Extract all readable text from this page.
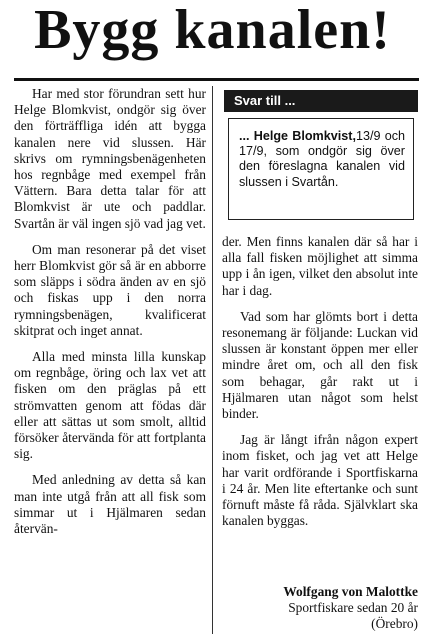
Bygg kanalen!

Har med stor förundran sett hur Helge Blomkvist, ondgör sig över den förträffliga idén att bygga kanalen nere vid slussen. Här skrivs om rymningsbenägenheten hos regnbåge med exempel från Vättern. Bara detta talar för att Blomkvist är ute och paddlar. Svartån är väl ingen sjö vad jag vet.

Om man resonerar på det viset herr Blomkvist gör så är en abborre som släpps i södra änden av en sjö och fiskas upp i den norra rymningsbenägen, kvalificerat skitprat och inget annat.

Alla med minsta lilla kunskap om regnbåge, öring och lax vet att fisken om den präglas på ett strömvatten genom att födas där eller att sättas ut som smolt, alltid försöker återvända för att fortplanta sig.

Med anledning av detta så kan man inte utgå från att all fisk som simmar ut i Hjälmaren sedan återvän-

Svar till ...
... Helge Blomkvist,13/9 och 17/9, som ondgör sig över den föreslagna kanalen vid slussen i Svartån.

der. Men finns kanalen där så har i alla fall fisken möjlighet att simma upp i ån igen, vilket den absolut inte har i dag.

Vad som har glömts bort i detta resonemang är följande: Luckan vid slussen är konstant öppen mer eller mindre året om, och all den fisk som behagar, går rakt ut i Hjälmaren utan något som helst binder.

Jag är långt ifrån någon expert inom fisket, och jag vet att Helge har varit ordförande i Sportfiskarna i 24 år. Men lite eftertanke och sunt förnuft måste få råda. Självklart ska kanalen byggas.

Wolfgang von Malottke
Sportfiskare sedan 20 år
(Örebro)
